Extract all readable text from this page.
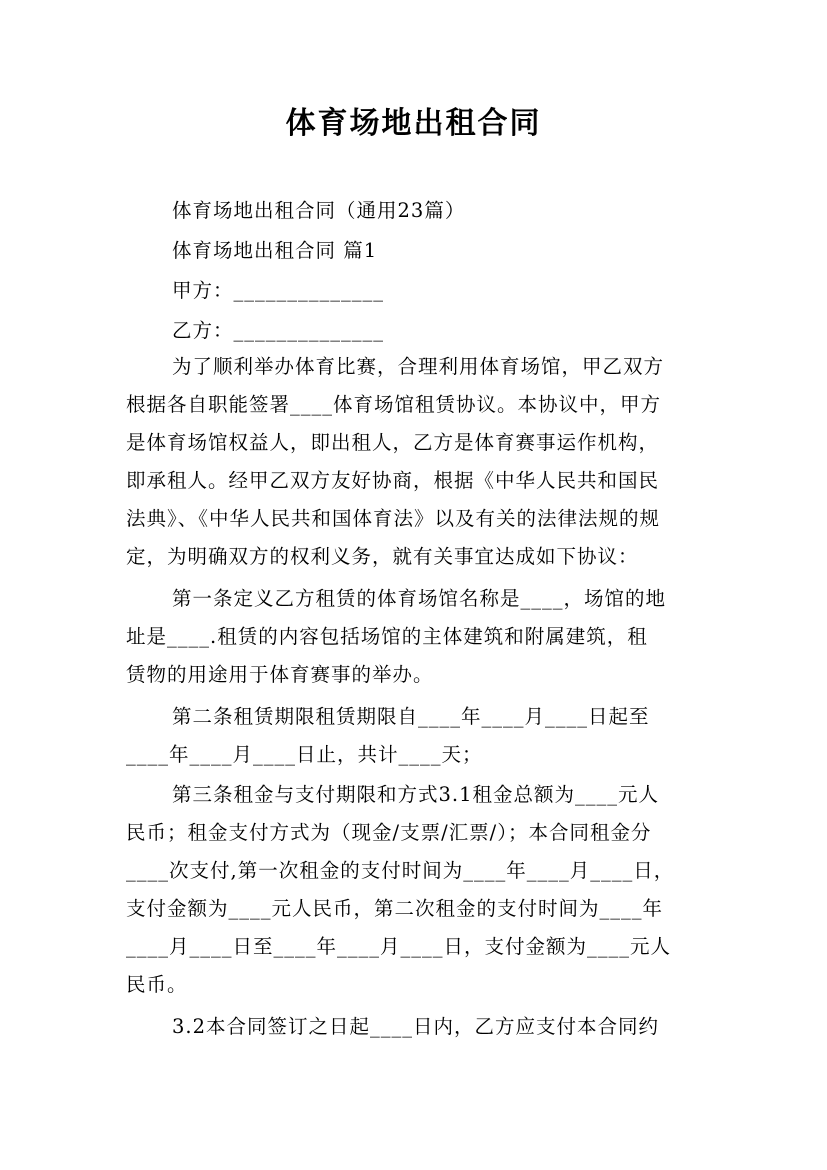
体育场地出租合同
体育场地出租合同（通用23篇）
体育场地出租合同 篇1
甲方：______________
乙方：______________
为了顺利举办体育比赛，合理利用体育场馆，甲乙双方
根据各自职能签署____体育场馆租赁协议。本协议中，甲方
是体育场馆权益人，即出租人，乙方是体育赛事运作机构，
即承租人。经甲乙双方友好协商，根据《中华人民共和国民
法典》、《中华人民共和国体育法》以及有关的法律法规的规
定，为明确双方的权利义务，就有关事宜达成如下协议：
第一条定义乙方租赁的体育场馆名称是____，场馆的地
址是____.租赁的内容包括场馆的主体建筑和附属建筑，租
赁物的用途用于体育赛事的举办。
第二条租赁期限租赁期限自____年____月____日起至
____年____月____日止，共计____天；
第三条租金与支付期限和方式3.1租金总额为____元人
民币；租金支付方式为（现金/支票/汇票/）；本合同租金分
____次支付,第一次租金的支付时间为____年____月____日，
支付金额为____元人民币，第二次租金的支付时间为____年
____月____日至____年____月____日，支付金额为____元人
民币。
3.2本合同签订之日起____日内，乙方应支付本合同约
